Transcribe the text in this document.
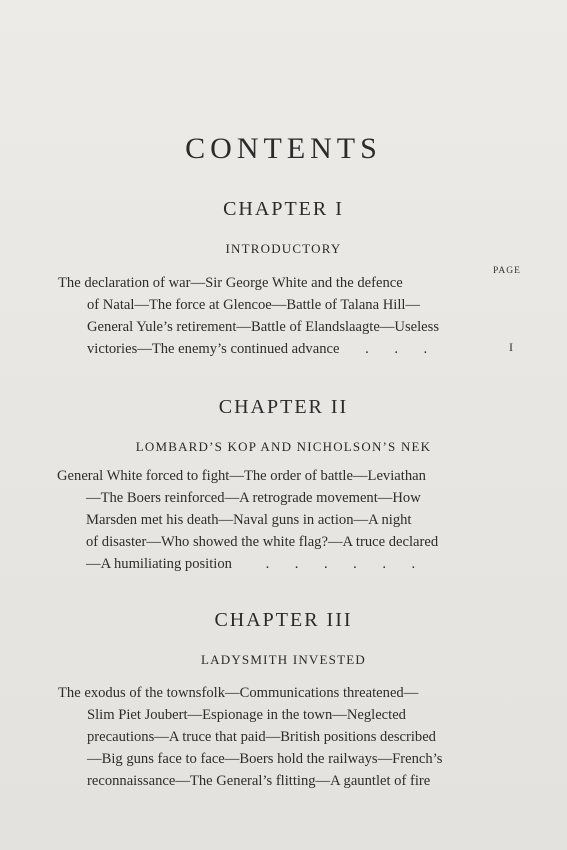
CONTENTS
CHAPTER I
INTRODUCTORY
PAGE
The declaration of war—Sir George White and the defence
of Natal—The force at Glencoe—Battle of Talana Hill—
General Yule’s retirement—Battle of Elandslaagte—Useless
victories—The enemy’s continued advance .       .       .	I
CHAPTER II
LOMBARD’S KOP AND NICHOLSON’S NEK
General White forced to fight—The order of battle—Leviathan
—The Boers reinforced—A retrograde movement—How
Marsden met his death—Naval guns in action—A night
of disaster—Who showed the white flag?—A truce declared
—A humiliating position .       .       .       .       .       .
CHAPTER III
LADYSMITH INVESTED
The exodus of the townsfolk—Communications threatened—
Slim Piet Joubert—Espionage in the town—Neglected
precautions—A truce that paid—British positions described
—Big guns face to face—Boers hold the railways—French’s
reconnaissance—The General’s flitting—A gauntlet of fire
